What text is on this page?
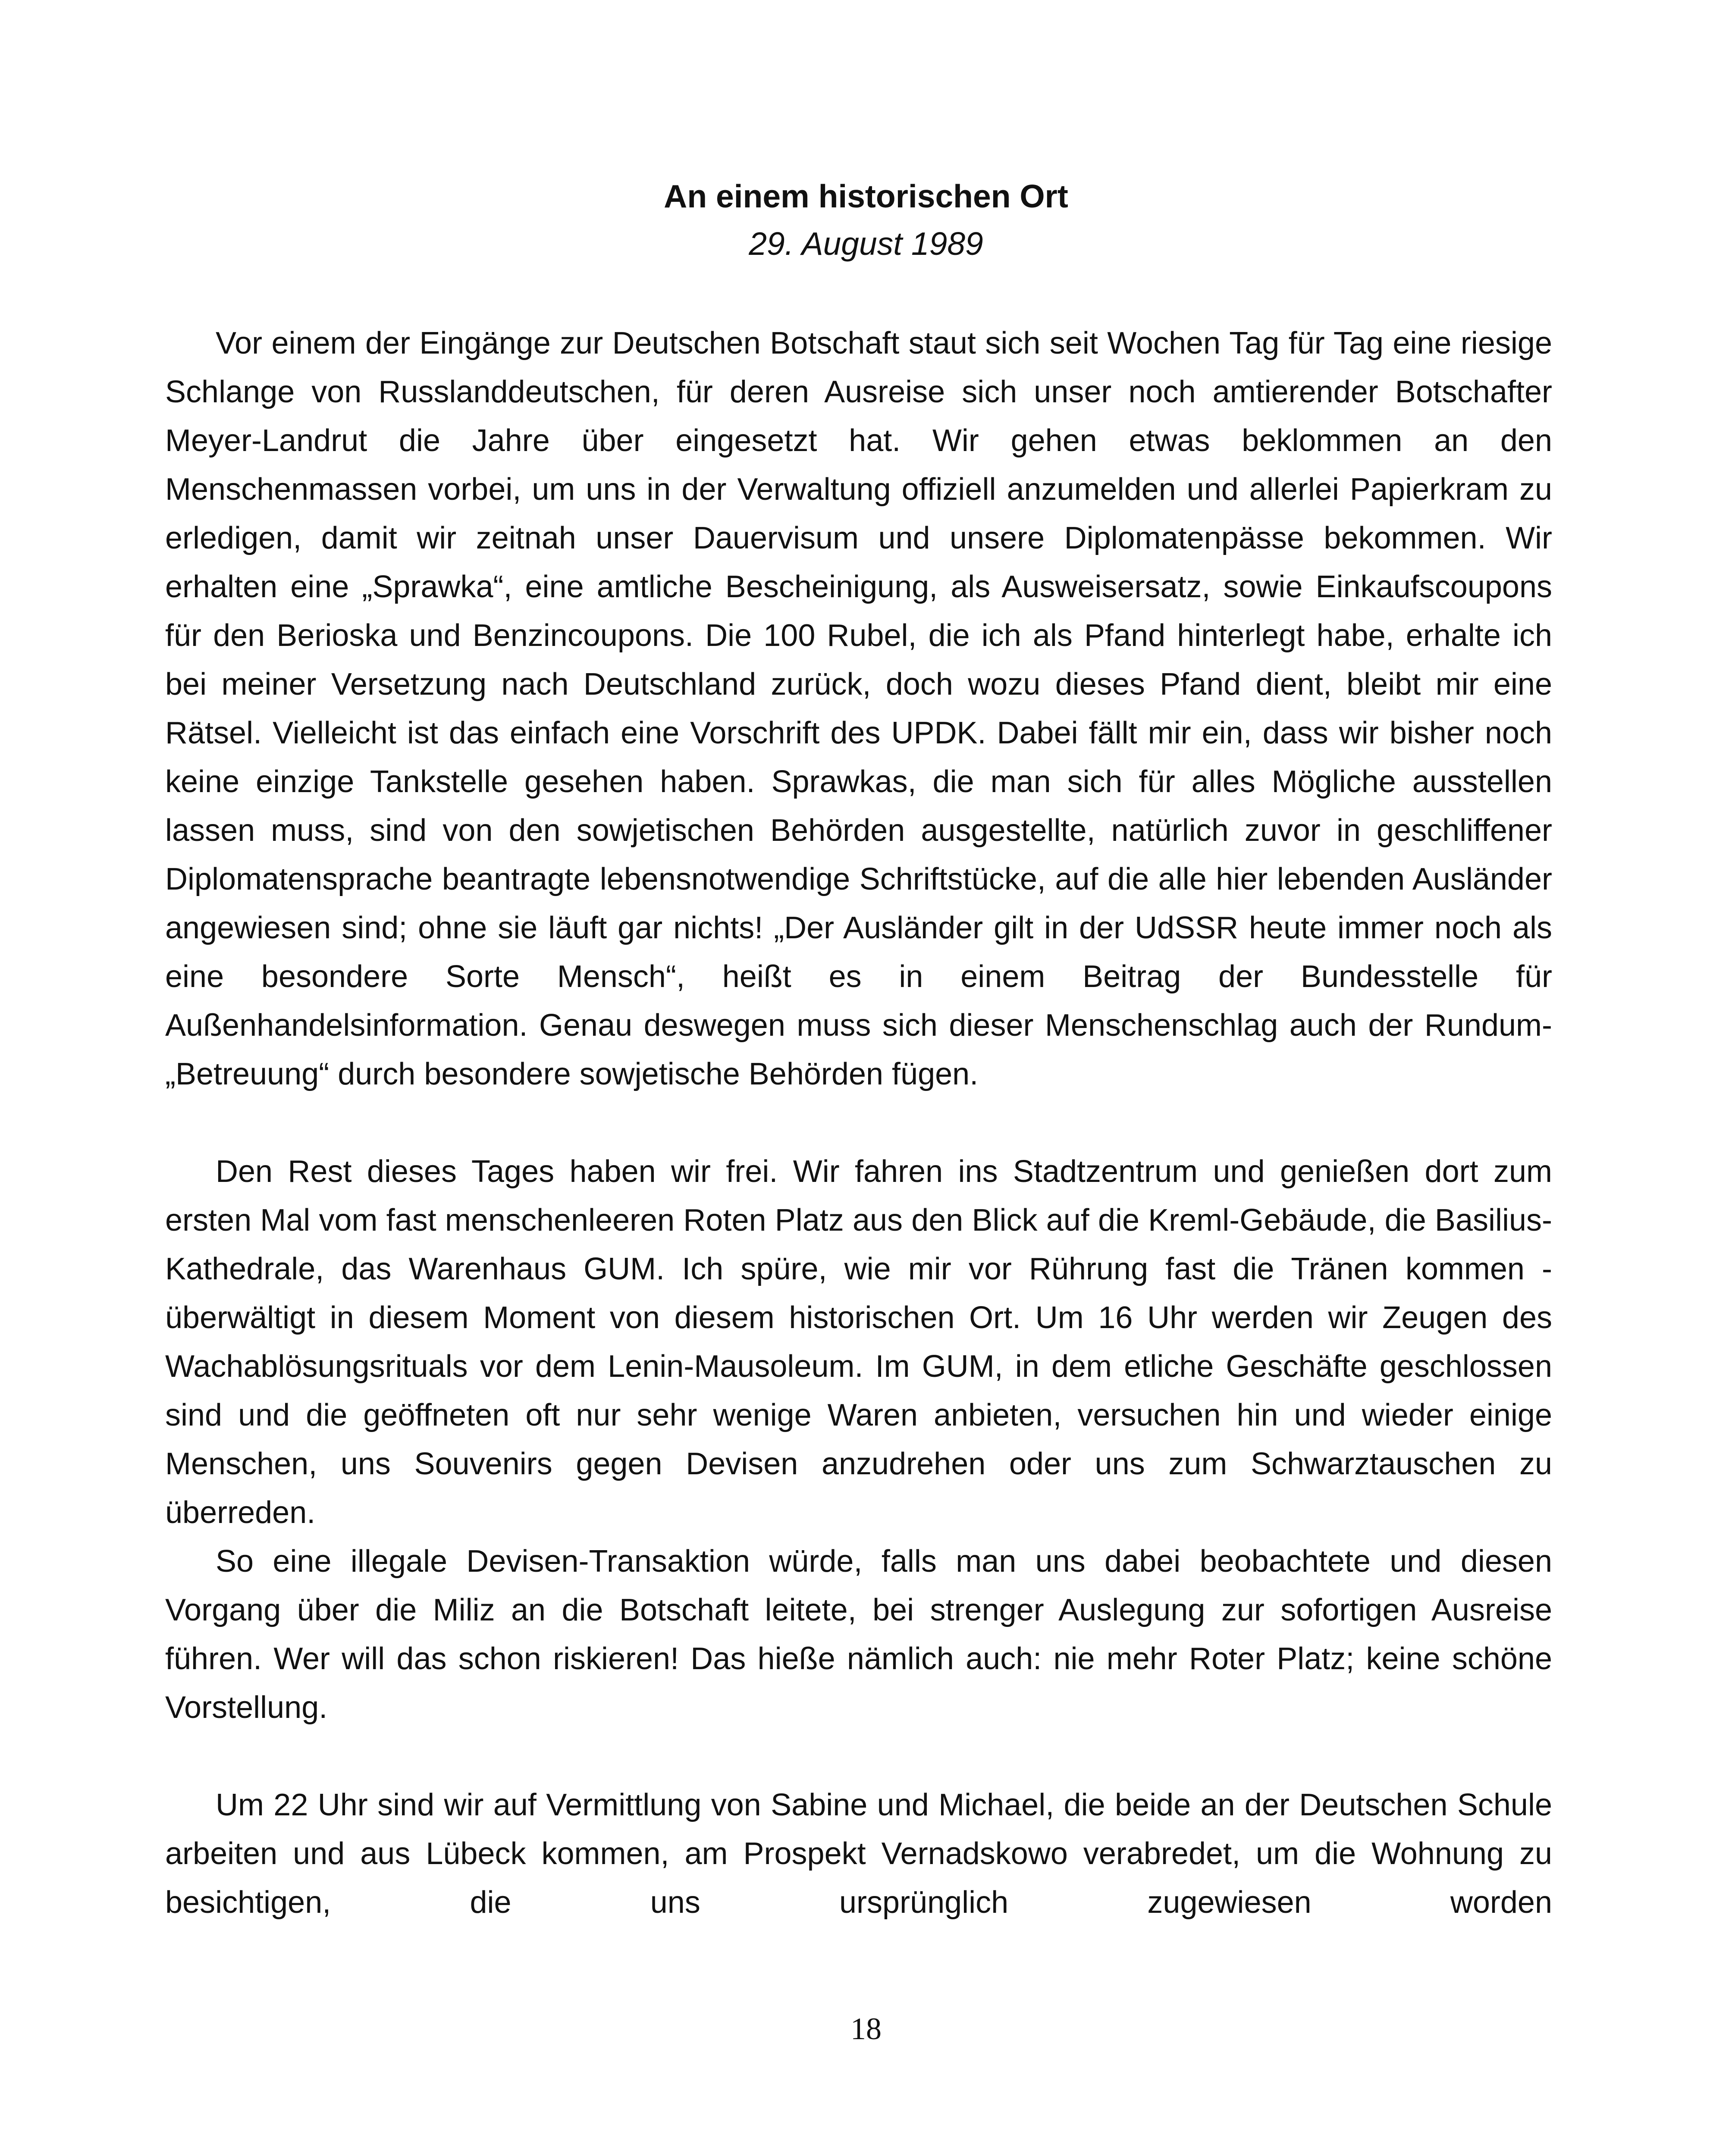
An einem historischen Ort

29. August 1989

Vor einem der Eingänge zur Deutschen Botschaft staut sich seit Wochen Tag für Tag eine riesige Schlange von Russlanddeutschen, für deren Ausreise sich unser noch amtierender Botschafter Meyer-Landrut die Jahre über eingesetzt hat. Wir gehen etwas beklommen an den Menschenmassen vorbei, um uns in der Verwaltung offiziell anzumelden und allerlei Papierkram zu erledigen, damit wir zeitnah unser Dauervisum und unsere Diplomatenpässe bekommen. Wir erhalten eine „Sprawka“, eine amtliche Bescheinigung, als Ausweisersatz, sowie Einkaufscoupons für den Berioska und Benzincoupons. Die 100 Rubel, die ich als Pfand hinterlegt habe, erhalte ich bei meiner Versetzung nach Deutschland zurück, doch wozu dieses Pfand dient, bleibt mir eine Rätsel. Vielleicht ist das einfach eine Vorschrift des UPDK. Dabei fällt mir ein, dass wir bisher noch keine einzige Tankstelle gesehen haben. Sprawkas, die man sich für alles Mögliche ausstellen lassen muss, sind von den sowjetischen Behörden ausgestellte, natürlich zuvor in geschliffener Diplomatensprache beantragte lebensnotwendige Schriftstücke, auf die alle hier lebenden Ausländer angewiesen sind; ohne sie läuft gar nichts! „Der Ausländer gilt in der UdSSR heute immer noch als eine besondere Sorte Mensch“, heißt es in einem Beitrag der Bundesstelle für Außenhandelsinformation. Genau deswegen muss sich dieser Menschenschlag auch der Rundum-„Betreuung“ durch besondere sowjetische Behörden fügen.

Den Rest dieses Tages haben wir frei. Wir fahren ins Stadtzentrum und genießen dort zum ersten Mal vom fast menschenleeren Roten Platz aus den Blick auf die Kreml-Gebäude, die Basilius-Kathedrale, das Warenhaus GUM. Ich spüre, wie mir vor Rührung fast die Tränen kommen - überwältigt in diesem Moment von diesem historischen Ort. Um 16 Uhr werden wir Zeugen des Wachablösungsrituals vor dem Lenin-Mausoleum. Im GUM, in dem etliche Geschäfte geschlossen sind und die geöffneten oft nur sehr wenige Waren anbieten, versuchen hin und wieder einige Menschen, uns Souvenirs gegen Devisen anzudrehen oder uns zum Schwarztauschen zu überreden.

So eine illegale Devisen-Transaktion würde, falls man uns dabei beobachtete und diesen Vorgang über die Miliz an die Botschaft leitete, bei strenger Auslegung zur sofortigen Ausreise führen. Wer will das schon riskieren! Das hieße nämlich auch: nie mehr Roter Platz; keine schöne Vorstellung.

Um 22 Uhr sind wir auf Vermittlung von Sabine und Michael, die beide an der Deutschen Schule arbeiten und aus Lübeck kommen, am Prospekt Vernadskowo verabredet, um die Wohnung zu besichtigen, die uns ursprünglich zugewiesen worden

18
